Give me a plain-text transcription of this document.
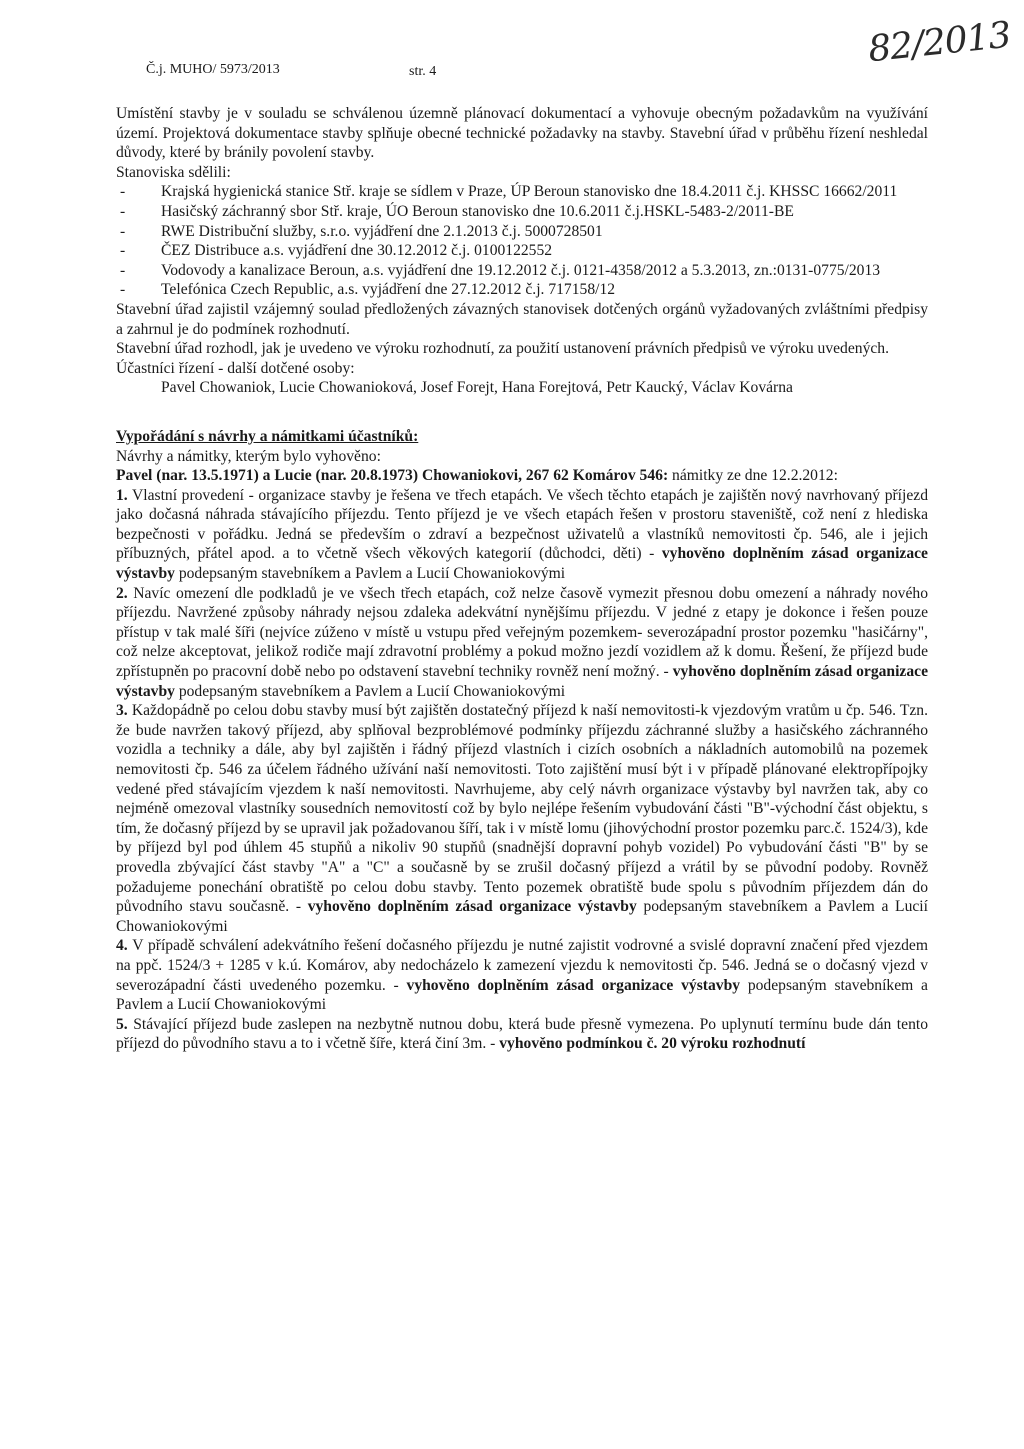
Č.j. MUHO/ 5973/2013	str. 4
82/2013

Umístění stavby je v souladu se schválenou územně plánovací dokumentací a vyhovuje obecným požadavkům na využívání území. Projektová dokumentace stavby splňuje obecné technické požadavky na stavby. Stavební úřad v průběhu řízení neshledal důvody, které by bránily povolení stavby.

Stanoviska sdělili:

- Krajská hygienická stanice Stř. kraje se sídlem v Praze, ÚP Beroun stanovisko dne 18.4.2011 č.j. KHSSC 16662/2011
- Hasičský záchranný sbor Stř. kraje, ÚO Beroun stanovisko dne 10.6.2011 č.j.HSKL-5483-2/2011-BE
- RWE Distribuční služby, s.r.o. vyjádření dne 2.1.2013 č.j. 5000728501
- ČEZ Distribuce a.s. vyjádření dne 30.12.2012 č.j. 0100122552
- Vodovody a kanalizace Beroun, a.s. vyjádření dne 19.12.2012 č.j. 0121-4358/2012 a 5.3.2013, zn.:0131-0775/2013
- Telefónica Czech Republic, a.s. vyjádření dne 27.12.2012 č.j. 717158/12

Stavební úřad zajistil vzájemný soulad předložených závazných stanovisek dotčených orgánů vyžadovaných zvláštními předpisy a zahrnul je do podmínek rozhodnutí.

Stavební úřad rozhodl, jak je uvedeno ve výroku rozhodnutí, za použití ustanovení právních předpisů ve výroku uvedených.

Účastníci řízení - další dotčené osoby:

Pavel Chowaniok, Lucie Chowanioková, Josef Forejt, Hana Forejtová, Petr Kaucký, Václav Kovárna

Vypořádání s návrhy a námitkami účastníků:

Návrhy a námitky, kterým bylo vyhověno:

Pavel (nar. 13.5.1971) a Lucie (nar. 20.8.1973) Chowaniokovi, 267 62 Komárov 546: námitky ze dne 12.2.2012:

1. Vlastní provedení - organizace stavby je řešena ve třech etapách. Ve všech těchto etapách je zajištěn nový navrhovaný příjezd jako dočasná náhrada stávajícího příjezdu. Tento příjezd je ve všech etapách řešen v prostoru staveniště, což není z hlediska bezpečnosti v pořádku. Jedná se především o zdraví a bezpečnost uživatelů a vlastníků nemovitosti čp. 546, ale i jejich příbuzných, přátel apod. a to včetně všech věkových kategorií (důchodci, děti) - vyhověno doplněním zásad organizace výstavby podepsaným stavebníkem a Pavlem a Lucií Chowaniokovými

2. Navíc omezení dle podkladů je ve všech třech etapách, což nelze časově vymezit přesnou dobu omezení a náhrady nového příjezdu. Navržené způsoby náhrady nejsou zdaleka adekvátní nynějšímu příjezdu. V jedné z etapy je dokonce i řešen pouze přístup v tak malé šíři (nejvíce zúženo v místě u vstupu před veřejným pozemkem- severozápadní prostor pozemku "hasičárny", což nelze akceptovat, jelikož rodiče mají zdravotní problémy a pokud možno jezdí vozidlem až k domu. Řešení, že příjezd bude zpřístupněn po pracovní době nebo po odstavení stavební techniky rovněž není možný. - vyhověno doplněním zásad organizace výstavby podepsaným stavebníkem a Pavlem a Lucií Chowaniokovými

3. Každopádně po celou dobu stavby musí být zajištěn dostatečný příjezd k naší nemovitosti-k vjezdovým vratům u čp. 546. Tzn. že bude navržen takový příjezd, aby splňoval bezproblémové podmínky příjezdu záchranné služby a hasičského záchranného vozidla a techniky a dále, aby byl zajištěn i řádný příjezd vlastních i cizích osobních a nákladních automobilů na pozemek nemovitosti čp. 546 za účelem řádného užívání naší nemovitosti. Toto zajištění musí být i v případě plánované elektropřípojky vedené před stávajícím vjezdem k naší nemovitosti. Navrhujeme, aby celý návrh organizace výstavby byl navržen tak, aby co nejméně omezoval vlastníky sousedních nemovitostí což by bylo nejlépe řešením vybudování části "B"-východní část objektu, s tím, že dočasný příjezd by se upravil jak požadovanou šíří, tak i v místě lomu (jihovýchodní prostor pozemku parc.č. 1524/3), kde by příjezd byl pod úhlem 45 stupňů a nikoliv 90 stupňů (snadnější dopravní pohyb vozidel) Po vybudování části "B" by se provedla zbývající část stavby "A" a "C" a současně by se zrušil dočasný příjezd a vrátil by se původní podoby. Rovněž požadujeme ponechání obratiště po celou dobu stavby. Tento pozemek obratiště bude spolu s původním příjezdem dán do původního stavu současně. - vyhověno doplněním zásad organizace výstavby podepsaným stavebníkem a Pavlem a Lucií Chowaniokovými

4. V případě schválení adekvátního řešení dočasného příjezdu je nutné zajistit vodrovné a svislé dopravní značení před vjezdem na ppč. 1524/3 + 1285 v k.ú. Komárov, aby nedocházelo k zamezení vjezdu k nemovitosti čp. 546. Jedná se o dočasný vjezd v severozápadní části uvedeného pozemku. - vyhověno doplněním zásad organizace výstavby podepsaným stavebníkem a Pavlem a Lucií Chowaniokovými

5. Stávající příjezd bude zaslepen na nezbytně nutnou dobu, která bude přesně vymezena. Po uplynutí termínu bude dán tento příjezd do původního stavu a to i včetně šíře, která činí 3m. - vyhověno podmínkou č. 20 výroku rozhodnutí
